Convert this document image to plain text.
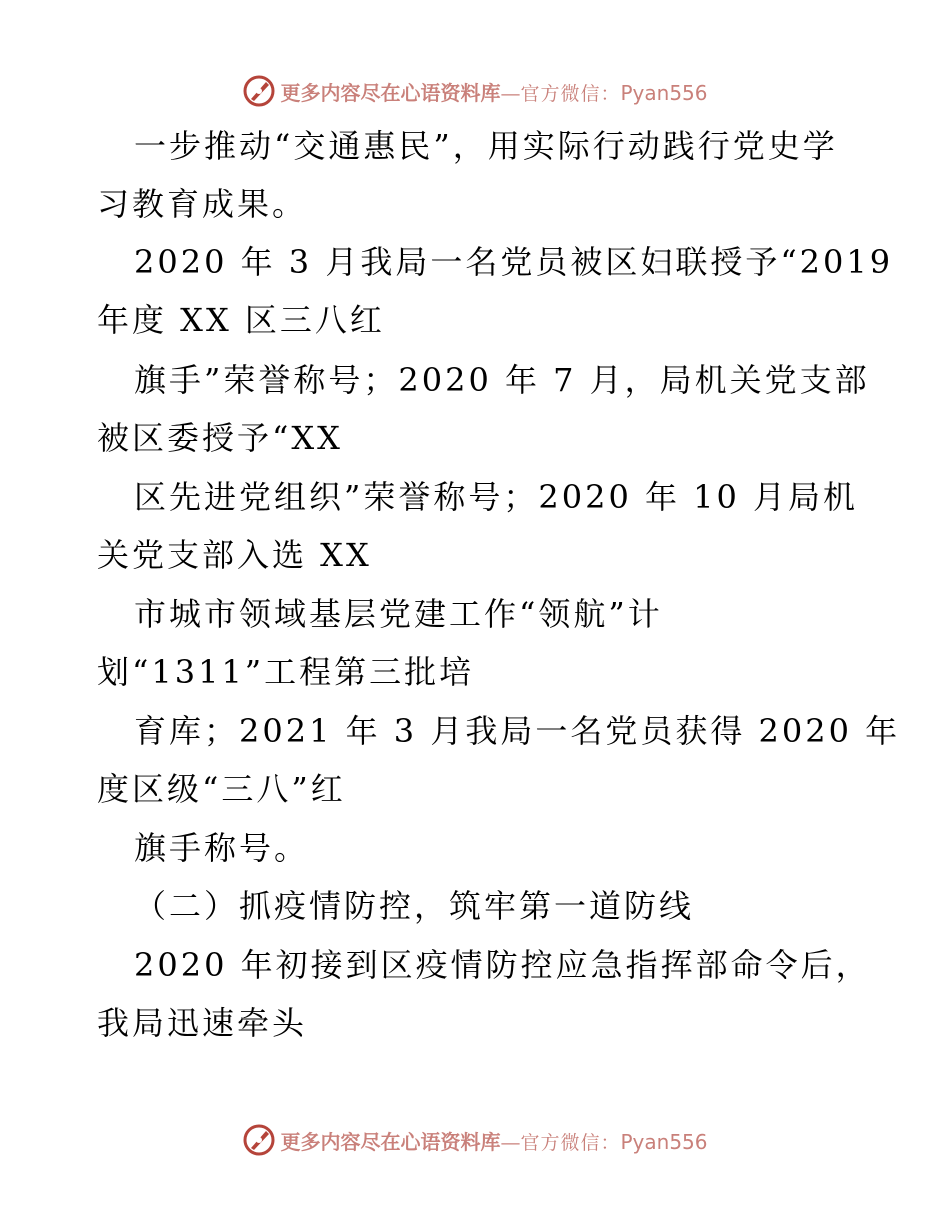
更多内容尽在心语资料库—官方微信：Pyan556
一步推动“交通惠民”，用实际行动践行党史学
习教育成果。
2020 年 3 月我局一名党员被区妇联授予“2019
年度 XX 区三八红
旗手”荣誉称号；2020 年 7 月，局机关党支部
被区委授予“XX
区先进党组织”荣誉称号；2020 年 10 月局机
关党支部入选 XX
市城市领域基层党建工作“领航”计
划“1311”工程第三批培
育库；2021 年 3 月我局一名党员获得 2020 年
度区级“三八”红
旗手称号。
（二）抓疫情防控，筑牢第一道防线
2020 年初接到区疫情防控应急指挥部命令后，
我局迅速牵头
更多内容尽在心语资料库—官方微信：Pyan556
